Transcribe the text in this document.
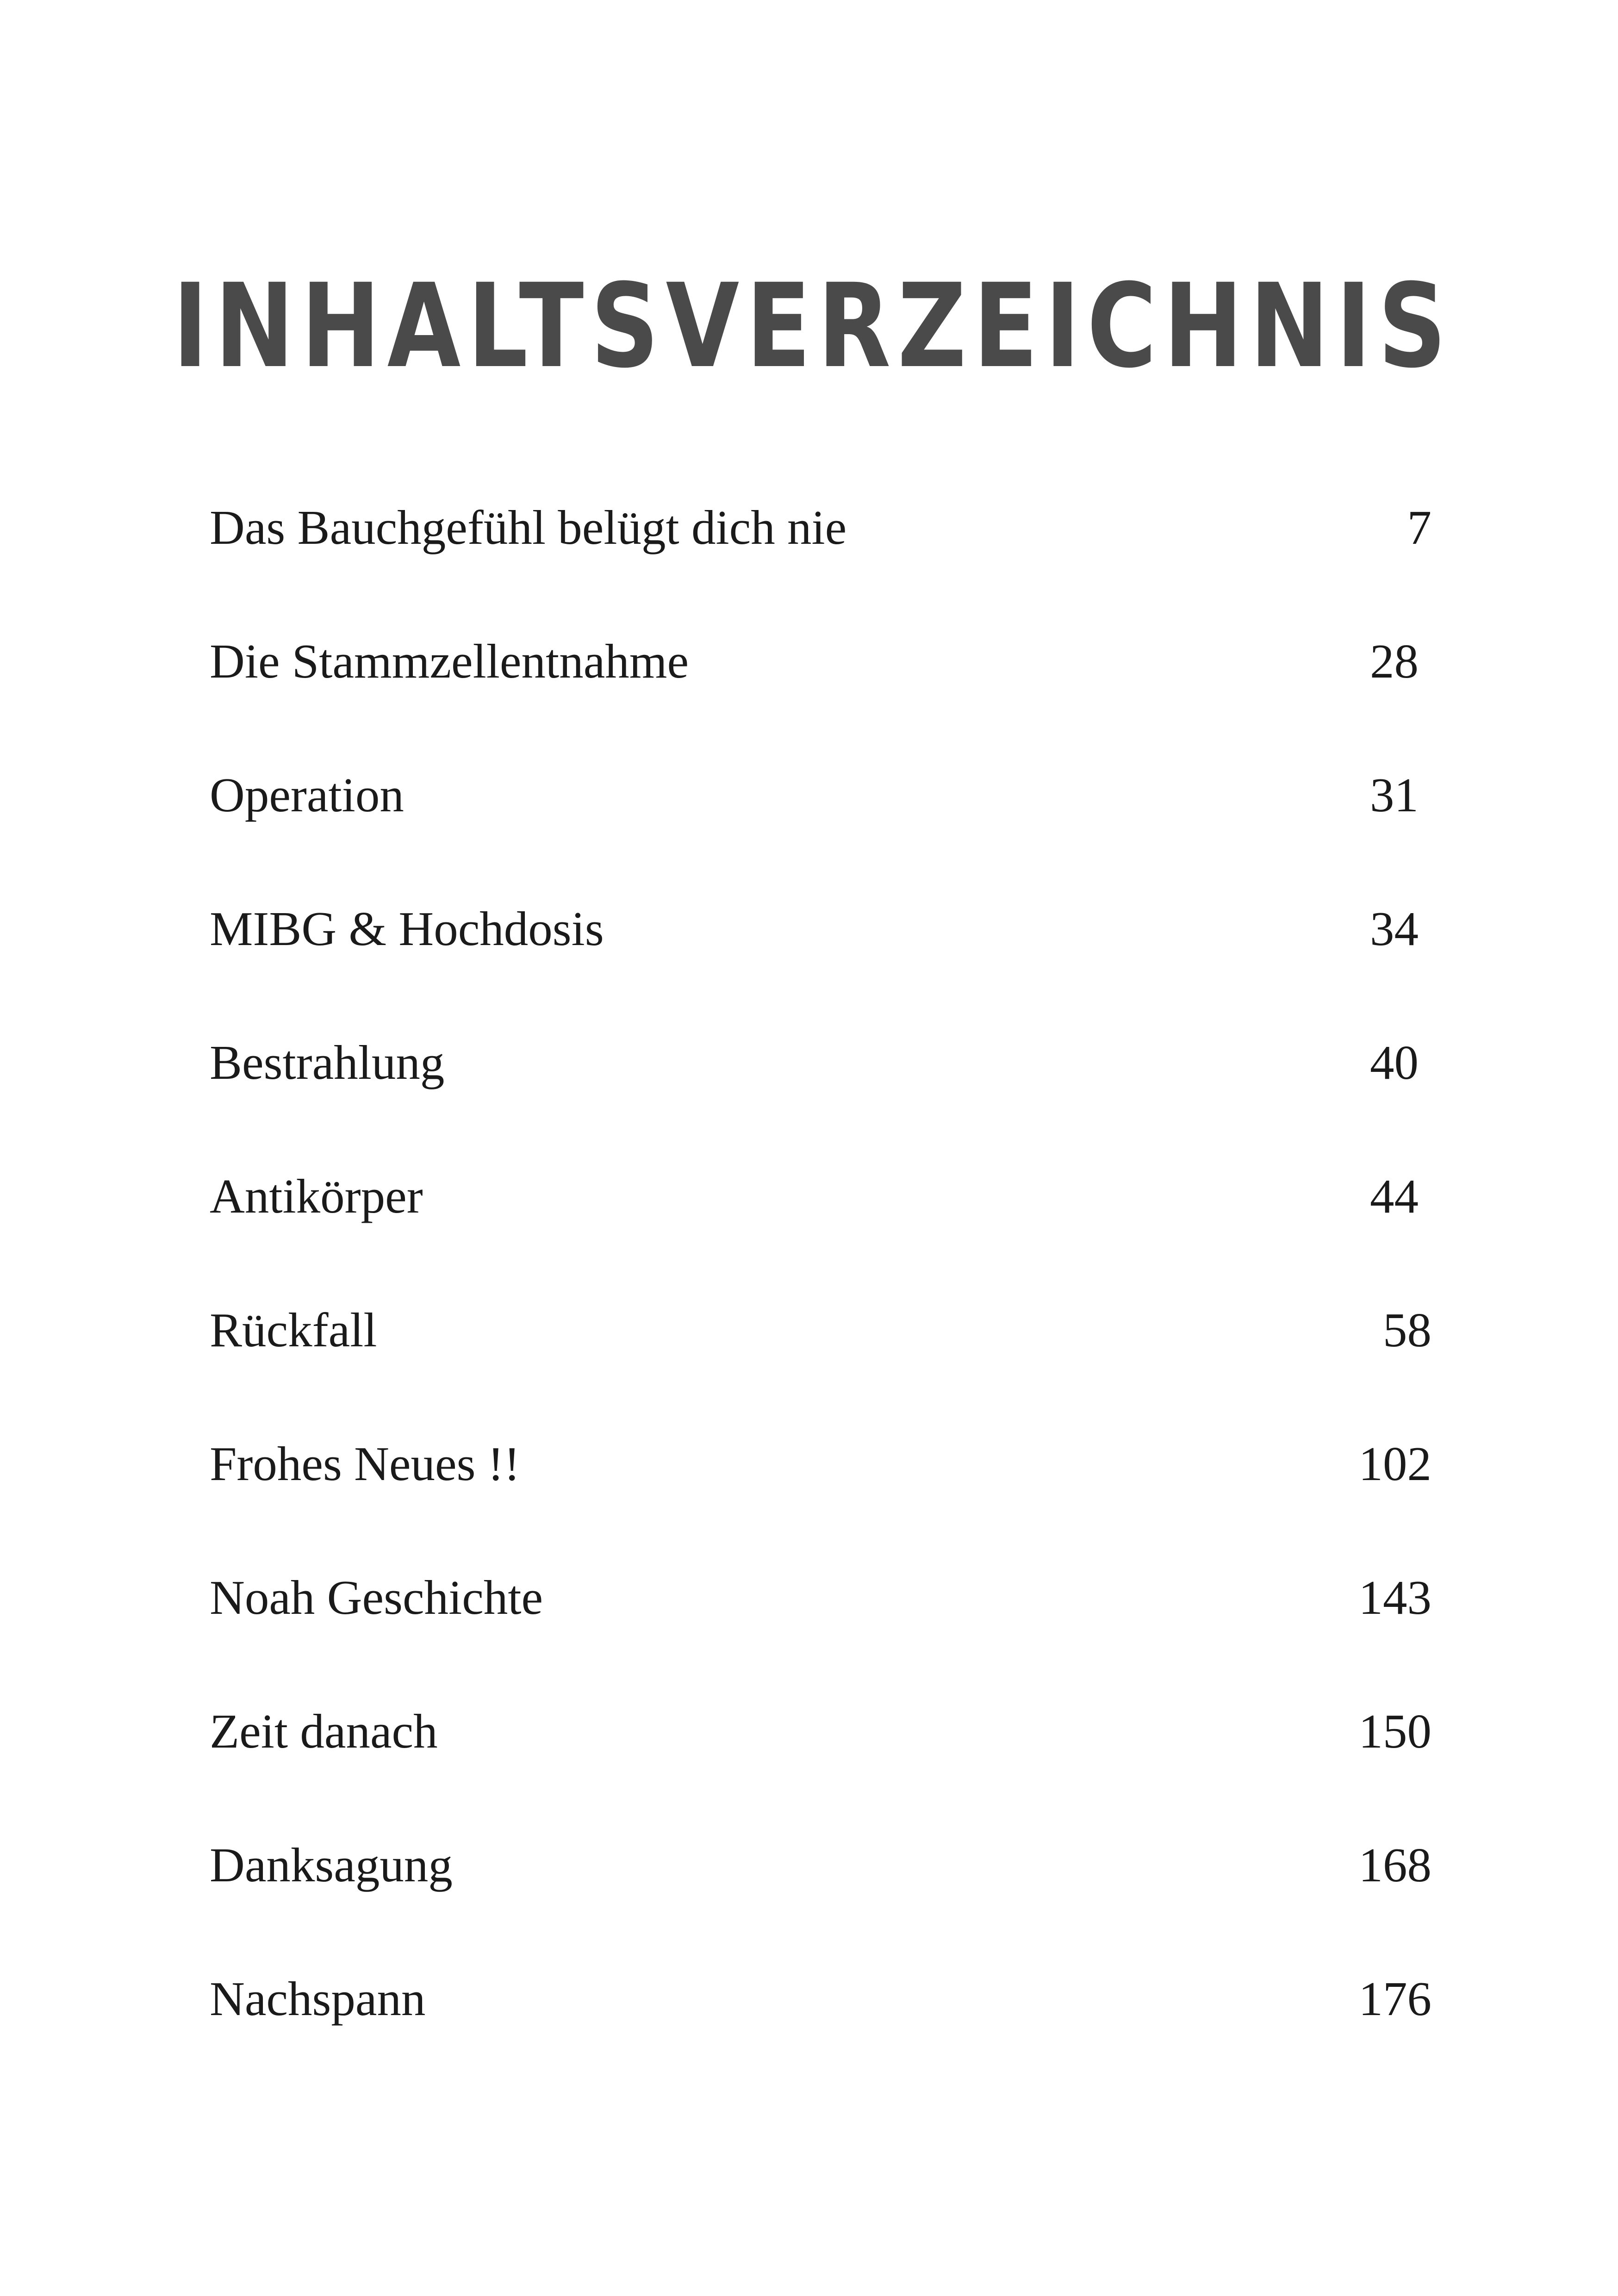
INHALTSVERZEICHNIS
Das Bauchgefühl belügt dich nie	7
Die Stammzellentnahme	28
Operation	31
MIBG & Hochdosis	34
Bestrahlung	40
Antikörper	44
Rückfall	58
Frohes Neues !!	102
Noah Geschichte	143
Zeit danach	150
Danksagung	168
Nachspann	176
